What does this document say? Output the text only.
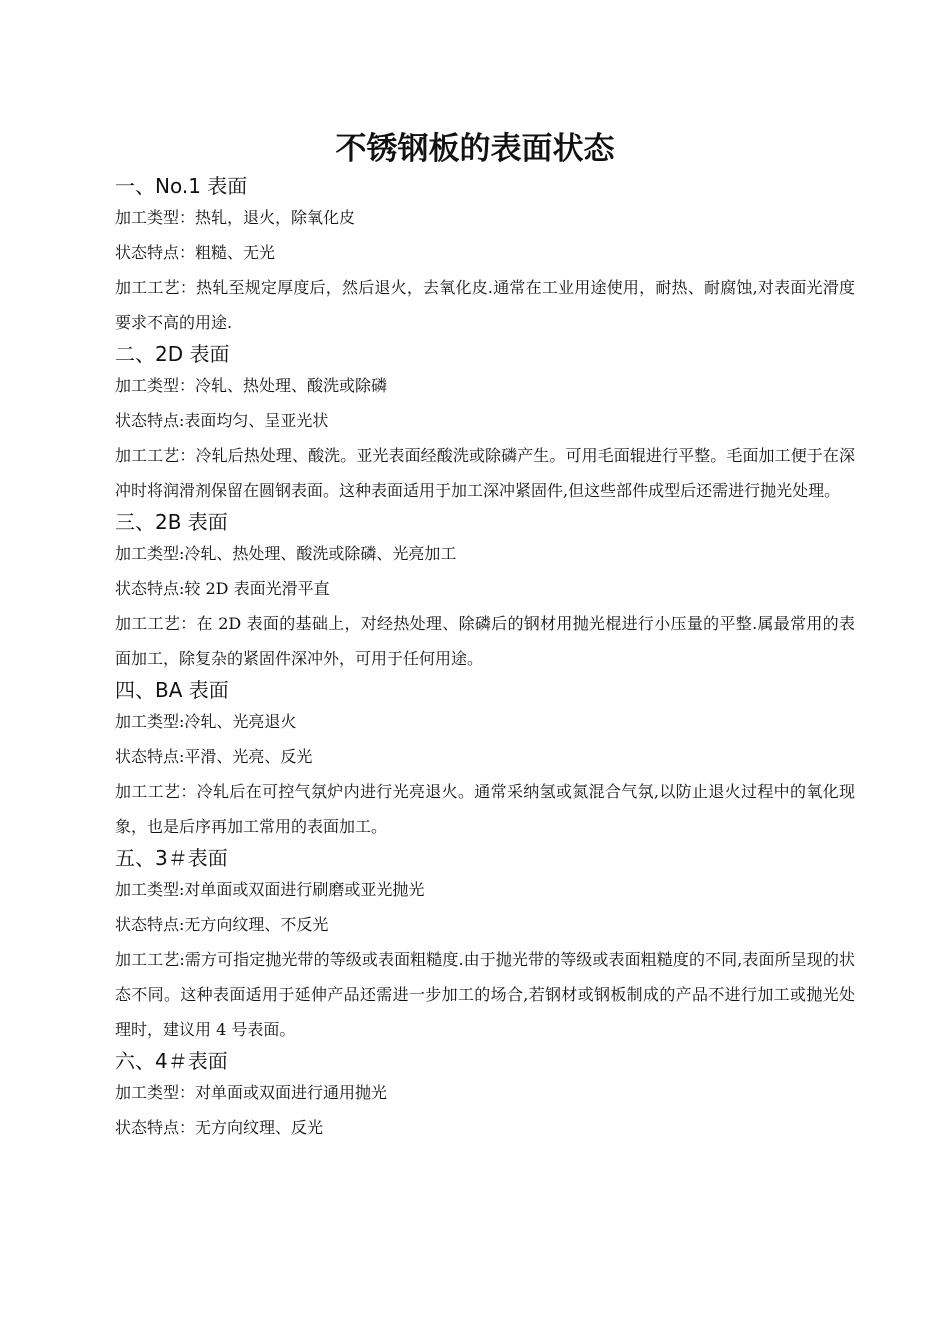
不锈钢板的表面状态
一、No.1 表面

加工类型：热轧，退火，除氧化皮

状态特点：粗糙、无光

加工工艺：热轧至规定厚度后，然后退火，去氧化皮.通常在工业用途使用，耐热、耐腐蚀,对表面光滑度要求不高的用途.

二、2D 表面

加工类型：冷轧、热处理、酸洗或除磷

状态特点:表面均匀、呈亚光状

加工工艺：冷轧后热处理、酸洗。亚光表面经酸洗或除磷产生。可用毛面辊进行平整。毛面加工便于在深冲时将润滑剂保留在圆钢表面。这种表面适用于加工深冲紧固件,但这些部件成型后还需进行抛光处理。

三、2B 表面

加工类型:冷轧、热处理、酸洗或除磷、光亮加工

状态特点:较 2D 表面光滑平直

加工工艺：在 2D 表面的基础上，对经热处理、除磷后的钢材用抛光棍进行小压量的平整.属最常用的表面加工，除复杂的紧固件深冲外，可用于任何用途。

四、BA 表面

加工类型:冷轧、光亮退火

状态特点:平滑、光亮、反光

加工工艺：冷轧后在可控气氛炉内进行光亮退火。通常采纳氢或氮混合气氛,以防止退火过程中的氧化现象，也是后序再加工常用的表面加工。

五、3＃表面

加工类型:对单面或双面进行刷磨或亚光抛光

状态特点:无方向纹理、不反光

加工工艺:需方可指定抛光带的等级或表面粗糙度.由于抛光带的等级或表面粗糙度的不同,表面所呈现的状态不同。这种表面适用于延伸产品还需进一步加工的场合,若钢材或钢板制成的产品不进行加工或抛光处理时，建议用 4 号表面。

六、4＃表面

加工类型：对单面或双面进行通用抛光

状态特点：无方向纹理、反光
